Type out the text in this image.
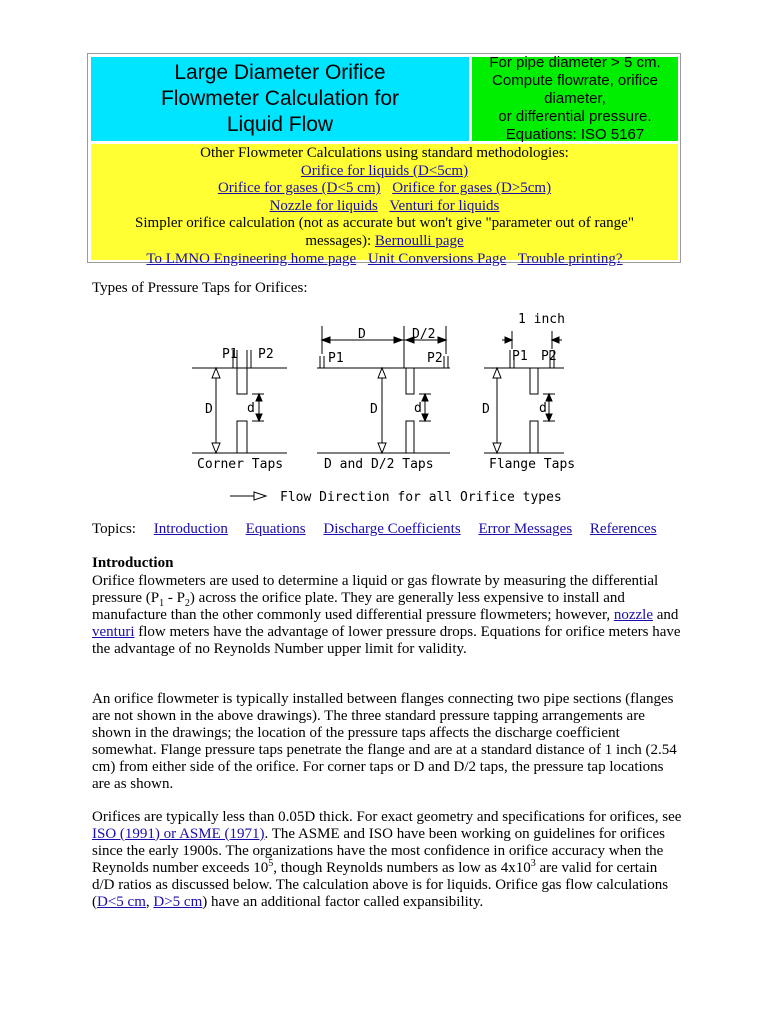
Large Diameter Orifice
Flowmeter Calculation for
Liquid Flow
For pipe diameter > 5 cm.
Compute flowrate, orifice diameter,
or differential pressure.
Equations: ISO 5167
Other Flowmeter Calculations using standard methodologies:
Orifice for liquids (D<5cm)
Orifice for gases (D<5 cm) Orifice for gases (D>5cm)
Nozzle for liquids Venturi for liquids
Simpler orifice calculation (not as accurate but won't give "parameter out of range"
messages): Bernoulli page
To LMNO Engineering home page Unit Conversions Page Trouble printing?
Types of Pressure Taps for Orifices:
P1 P2
D	d
Corner Taps
D	D/2
P1	P2
D	d
D and D/2 Taps
1 inch
P1 P2
D	d
Flange Taps
Flow Direction for all Orifice types
Topics: Introduction Equations Discharge Coefficients Error Messages References
Introduction
Orifice flowmeters are used to determine a liquid or gas flowrate by measuring the differential pressure $(P_1 - P_2)$ across the orifice plate. They are generally less expensive to install and manufacture than the other commonly used differential pressure flowmeters; however, nozzle and venturi flow meters have the advantage of lower pressure drops. Equations for orifice meters have the advantage of no Reynolds Number upper limit for validity.
An orifice flowmeter is typically installed between flanges connecting two pipe sections (flanges are not shown in the above drawings). The three standard pressure tapping arrangements are shown in the drawings; the location of the pressure taps affects the discharge coefficient somewhat. Flange pressure taps penetrate the flange and are at a standard distance of 1 inch (2.54 cm) from either side of the orifice. For corner taps or D and D/2 taps, the pressure tap locations are as shown.
Orifices are typically less than 0.05D thick. For exact geometry and specifications for orifices, see ISO (1991) or ASME (1971). The ASME and ISO have been working on guidelines for orifices since the early 1900s. The organizations have the most confidence in orifice accuracy when the Reynolds number exceeds $10^5$, though Reynolds numbers as low as $4x10^3$ are valid for certain d/D ratios as discussed below. The calculation above is for liquids. Orifice gas flow calculations (D<5 cm, D>5 cm) have an additional factor called expansibility.
